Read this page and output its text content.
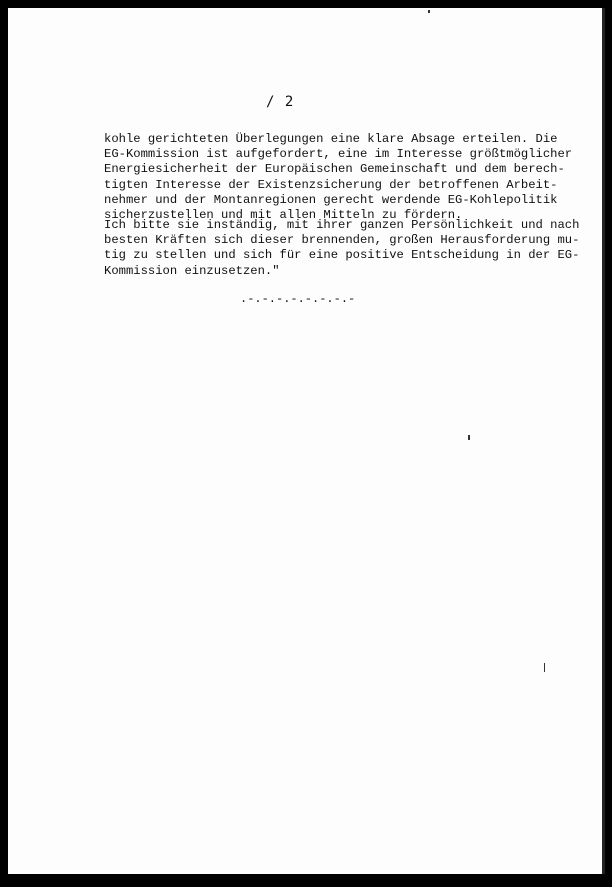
/ 2

kohle gerichteten Überlegungen eine klare Absage erteilen. Die
EG-Kommission ist aufgefordert, eine im Interesse größtmöglicher
Energiesicherheit der Europäischen Gemeinschaft und dem berech-
tigten Interesse der Existenzsicherung der betroffenen Arbeit-
nehmer und der Montanregionen gerecht werdende EG-Kohlepolitik
sicherzustellen und mit allen Mitteln zu fördern.

Ich bitte sie inständig, mit ihrer ganzen Persönlichkeit und nach
besten Kräften sich dieser brennenden, großen Herausforderung mu-
tig zu stellen und sich für eine positive Entscheidung in der EG-
Kommission einzusetzen."

.-.-.-.-.-.-.-.-
